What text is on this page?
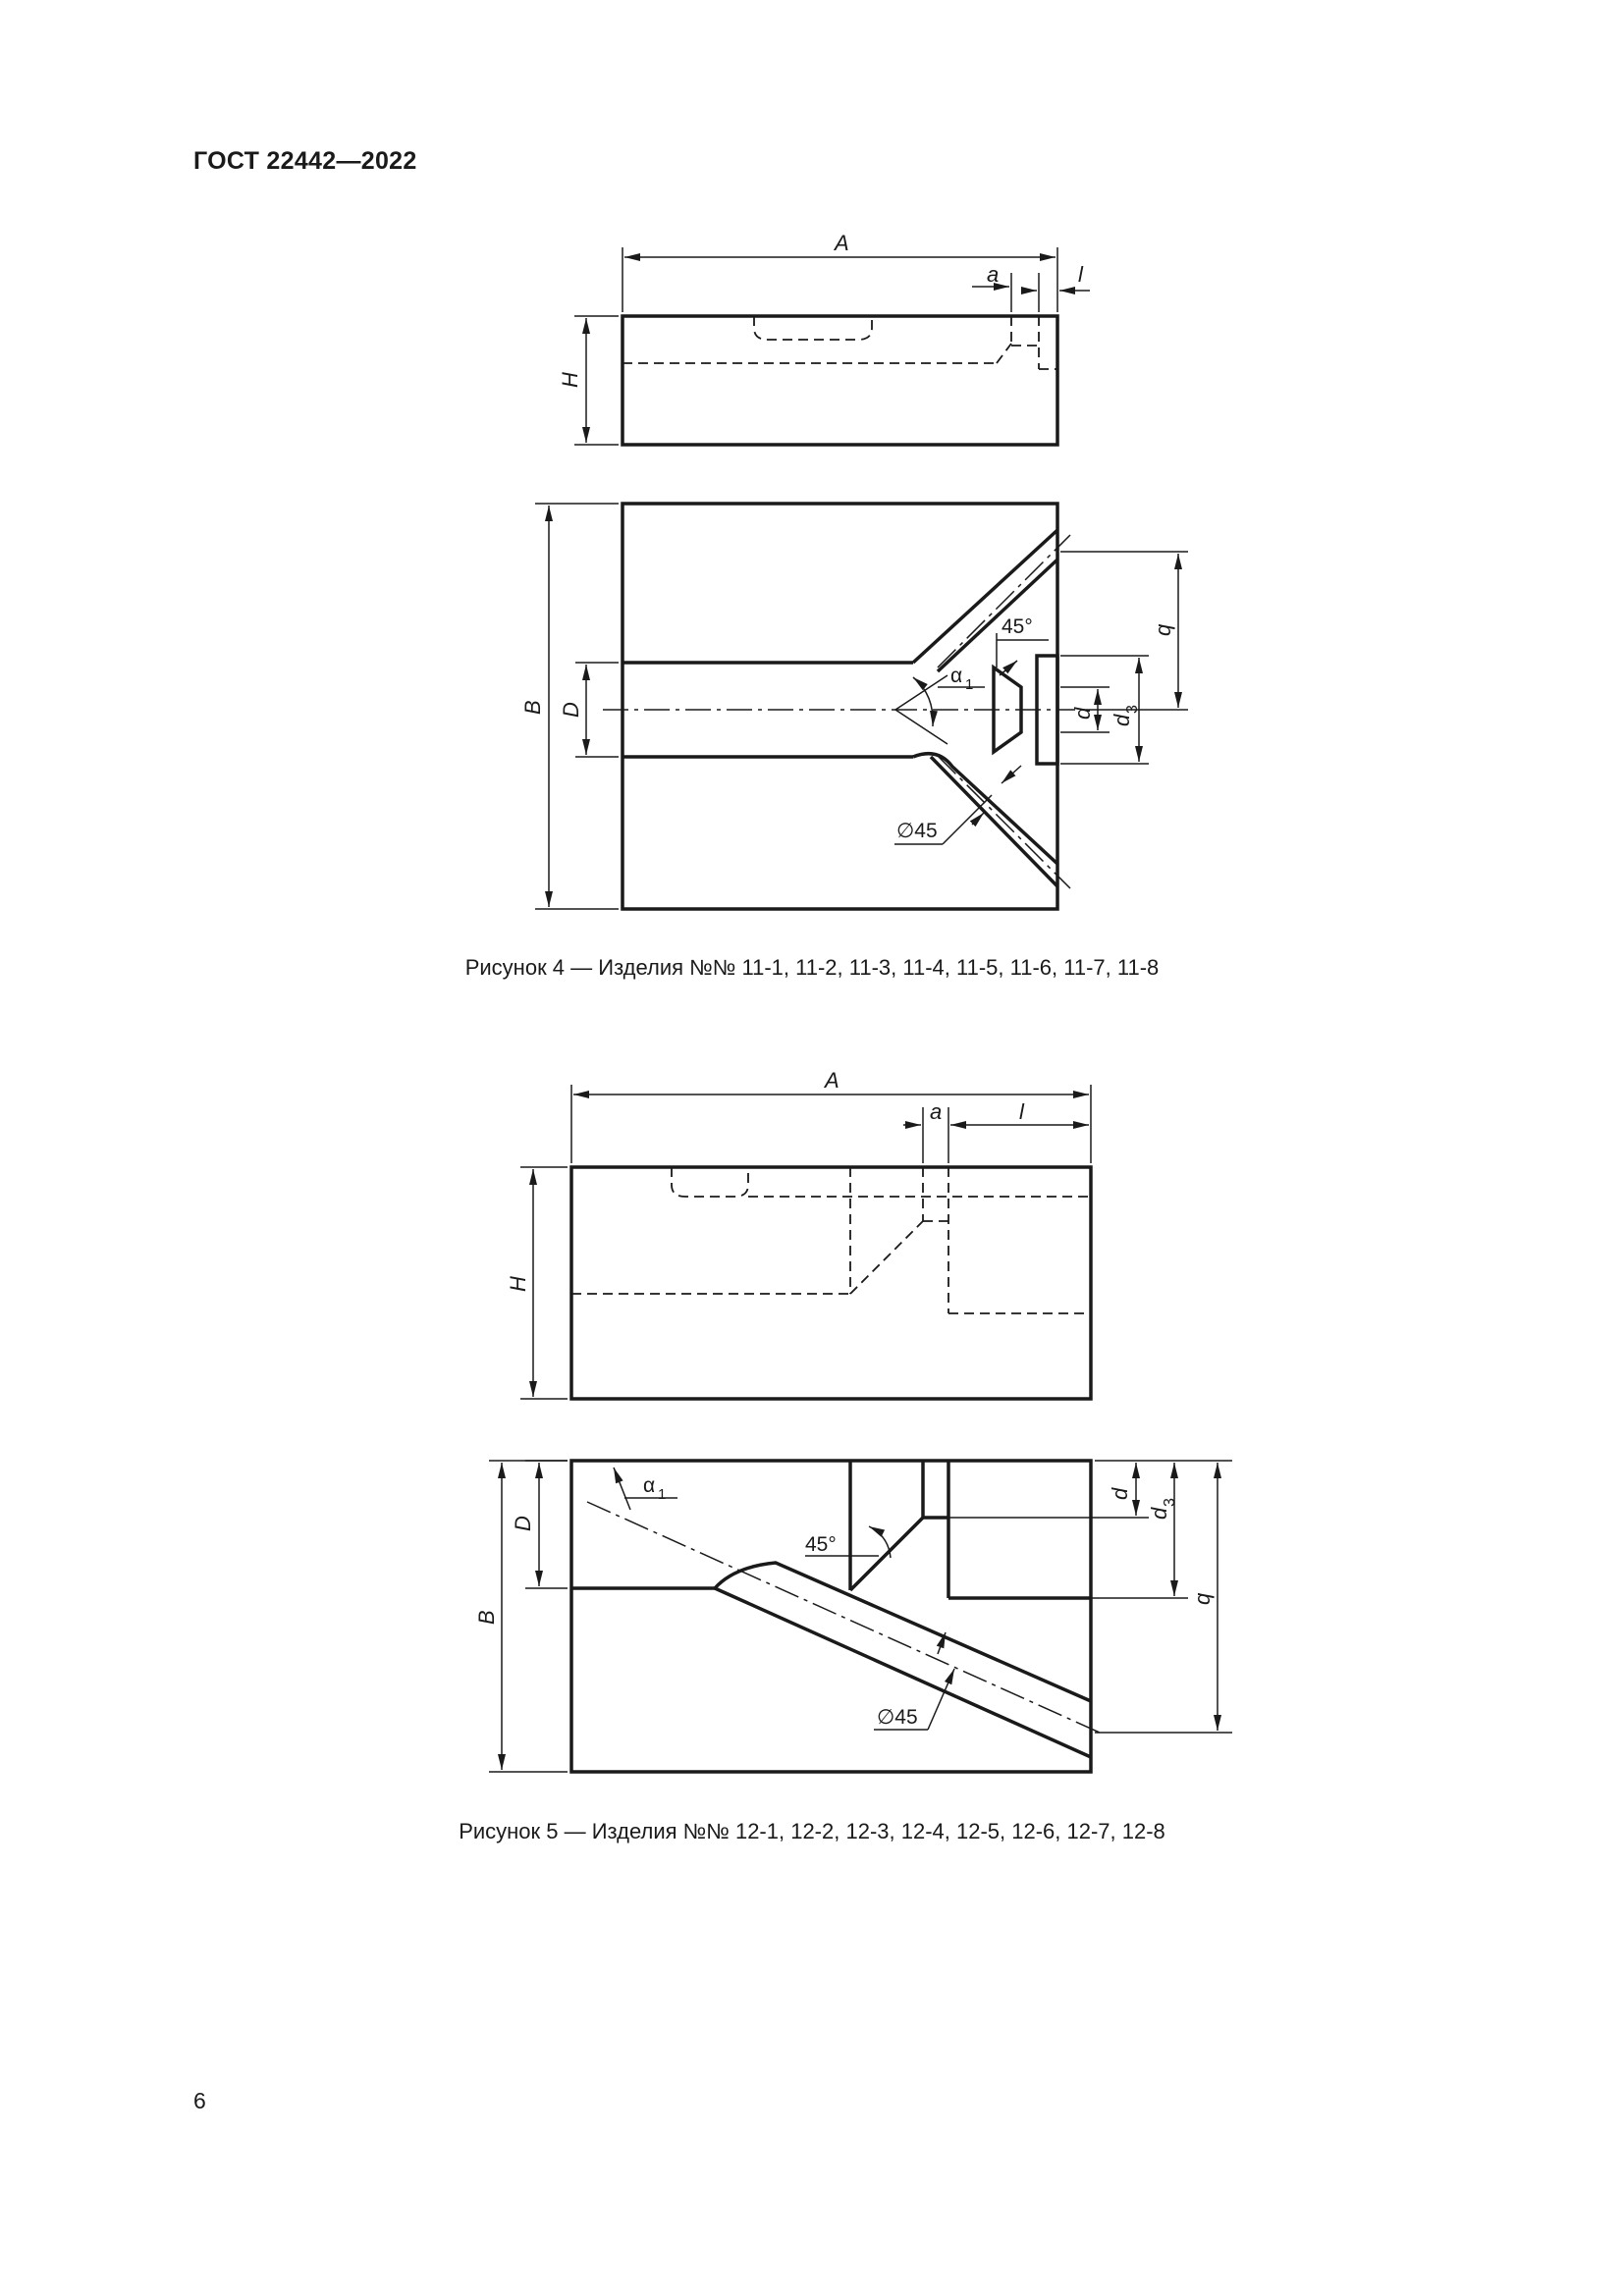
ГОСТ 22442—2022
A
a	l
H
B D
q
d
d
3
45°
α 1
∅45
A
a	l
H
D
B
d
d
3
q
α 1
45°
∅45
Рисунок 4 — Изделия №№ 11-1, 11-2, 11-3, 11-4, 11-5, 11-6, 11-7, 11-8
Рисунок 5 — Изделия №№ 12-1, 12-2, 12-3, 12-4, 12-5, 12-6, 12-7, 12-8
6
